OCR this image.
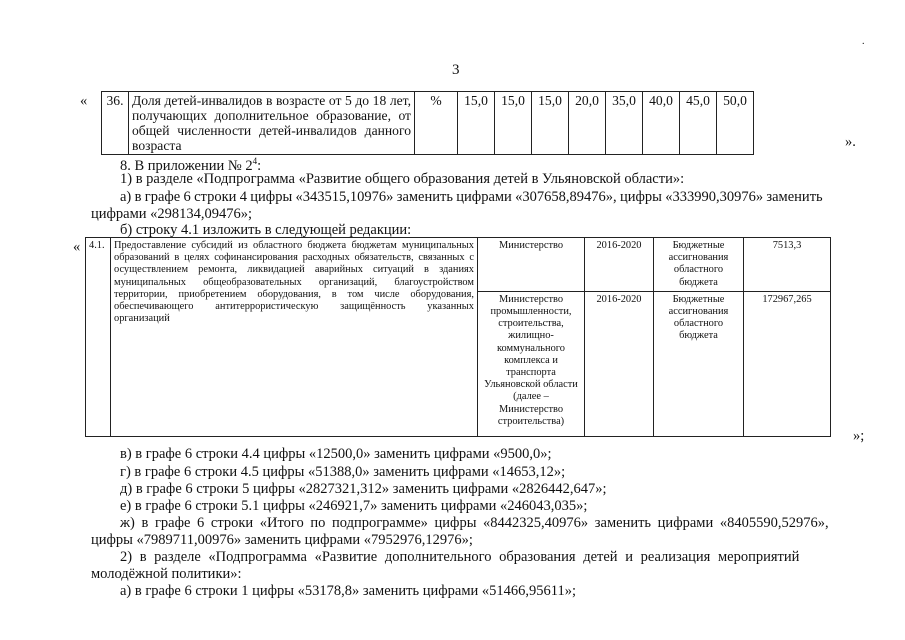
3
.
« 36.	Доля детей-инвалидов в возрасте от 5 до 18 лет, получающих дополнительное образование, от общей численности детей-инвалидов данного возраста	%	15,0	15,0	15,0	20,0	35,0	40,0	45,0	50,0
».
8. В приложении № $2^4$:
1) в разделе «Подпрограмма «Развитие общего образования детей в Ульяновской области»:
а) в графе 6 строки 4 цифры «343515,10976» заменить цифрами «307658,89476», цифры «333990,30976» заменить
цифрами «298134,09476»;
б) строку 4.1 изложить в следующей редакции:
« 4.1.	Предоставление субсидий из областного бюджета бюджетам муниципальных образований в целях софинансирования расходных обязательств, связанных с осуществлением ремонта, ликвидацией аварийных ситуаций в зданиях муниципальных общеобразовательных организаций, благоустройством территории, приобретением оборудования, в том числе оборудования, обеспечивающего антитеррористическую защищённость указанных организаций	Министерство	2016-2020	Бюджетные ассигнования областного бюджета	7513,3
		Министерство промышленности, строительства, жилищно-коммунального комплекса и транспорта Ульяновской области (далее – Министерство строительства)	2016-2020	Бюджетные ассигнования областного бюджета	172967,265
»;
в) в графе 6 строки 4.4 цифры «12500,0» заменить цифрами «9500,0»;
г) в графе 6 строки 4.5 цифры «51388,0» заменить цифрами «14653,12»;
д) в графе 6 строки 5 цифры «2827321,312» заменить цифрами «2826442,647»;
е) в графе 6 строки 5.1 цифры «246921,7» заменить цифрами «246043,035»;
ж) в графе 6 строки «Итого по подпрограмме» цифры «8442325,40976» заменить цифрами «8405590,52976»,
цифры «7989711,00976» заменить цифрами «7952976,12976»;
2) в разделе «Подпрограмма «Развитие дополнительного образования детей и реализация мероприятий
молодёжной политики»:
а) в графе 6 строки 1 цифры «53178,8» заменить цифрами «51466,95611»;
